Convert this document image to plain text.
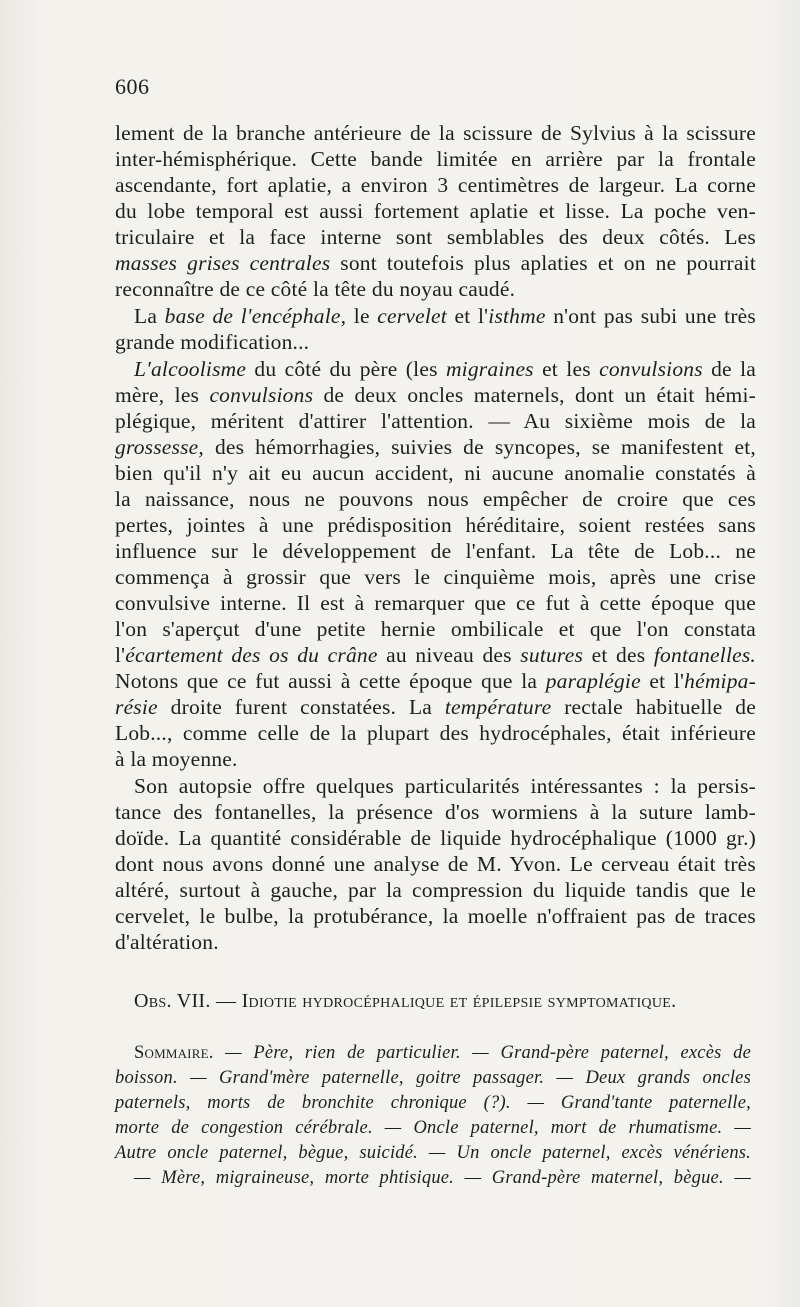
606
lement de la branche antérieure de la scissure de Sylvius à la scissure
inter-hémisphérique. Cette bande limitée en arrière par la frontale
ascendante, fort aplatie, a environ 3 centimètres de largeur. La corne
du lobe temporal est aussi fortement aplatie et lisse. La poche ven-
triculaire et la face interne sont semblables des deux côtés. Les
masses grises centrales sont toutefois plus aplaties et on ne pourrait
reconnaître de ce côté la tête du noyau caudé.
La base de l'encéphale, le cervelet et l'isthme n'ont pas subi une très
grande modification...
L'alcoolisme du côté du père (les migraines et les convulsions de la
mère, les convulsions de deux oncles maternels, dont un était hémi-
plégique, méritent d'attirer l'attention. — Au sixième mois de la
grossesse, des hémorrhagies, suivies de syncopes, se manifestent et,
bien qu'il n'y ait eu aucun accident, ni aucune anomalie constatés à
la naissance, nous ne pouvons nous empêcher de croire que ces
pertes, jointes à une prédisposition héréditaire, soient restées sans
influence sur le développement de l'enfant. La tête de Lob... ne
commença à grossir que vers le cinquième mois, après une crise
convulsive interne. Il est à remarquer que ce fut à cette époque que
l'on s'aperçut d'une petite hernie ombilicale et que l'on constata
l'écartement des os du crâne au niveau des sutures et des fontanelles.
Notons que ce fut aussi à cette époque que la paraplégie et l'hémipa-
résie droite furent constatées. La température rectale habituelle de
Lob..., comme celle de la plupart des hydrocéphales, était inférieure
à la moyenne.
Son autopsie offre quelques particularités intéressantes : la persis-
tance des fontanelles, la présence d'os wormiens à la suture lamb-
doïde. La quantité considérable de liquide hydrocéphalique (1000 gr.)
dont nous avons donné une analyse de M. Yvon. Le cerveau était très
altéré, surtout à gauche, par la compression du liquide tandis que le
cervelet, le bulbe, la protubérance, la moelle n'offraient pas de traces
d'altération.
Obs. VII. — Idiotie hydrocéphalique et épilepsie symptomatique.
Sommaire. — Père, rien de particulier. — Grand-père paternel, excès de
boisson. — Grand'mère paternelle, goitre passager. — Deux grands oncles
paternels, morts de bronchite chronique (?). — Grand'tante paternelle,
morte de congestion cérébrale. — Oncle paternel, mort de rhumatisme. —
Autre oncle paternel, bègue, suicidé. — Un oncle paternel, excès vénériens.
— Mère, migraineuse, morte phtisique. — Grand-père maternel, bègue. —
